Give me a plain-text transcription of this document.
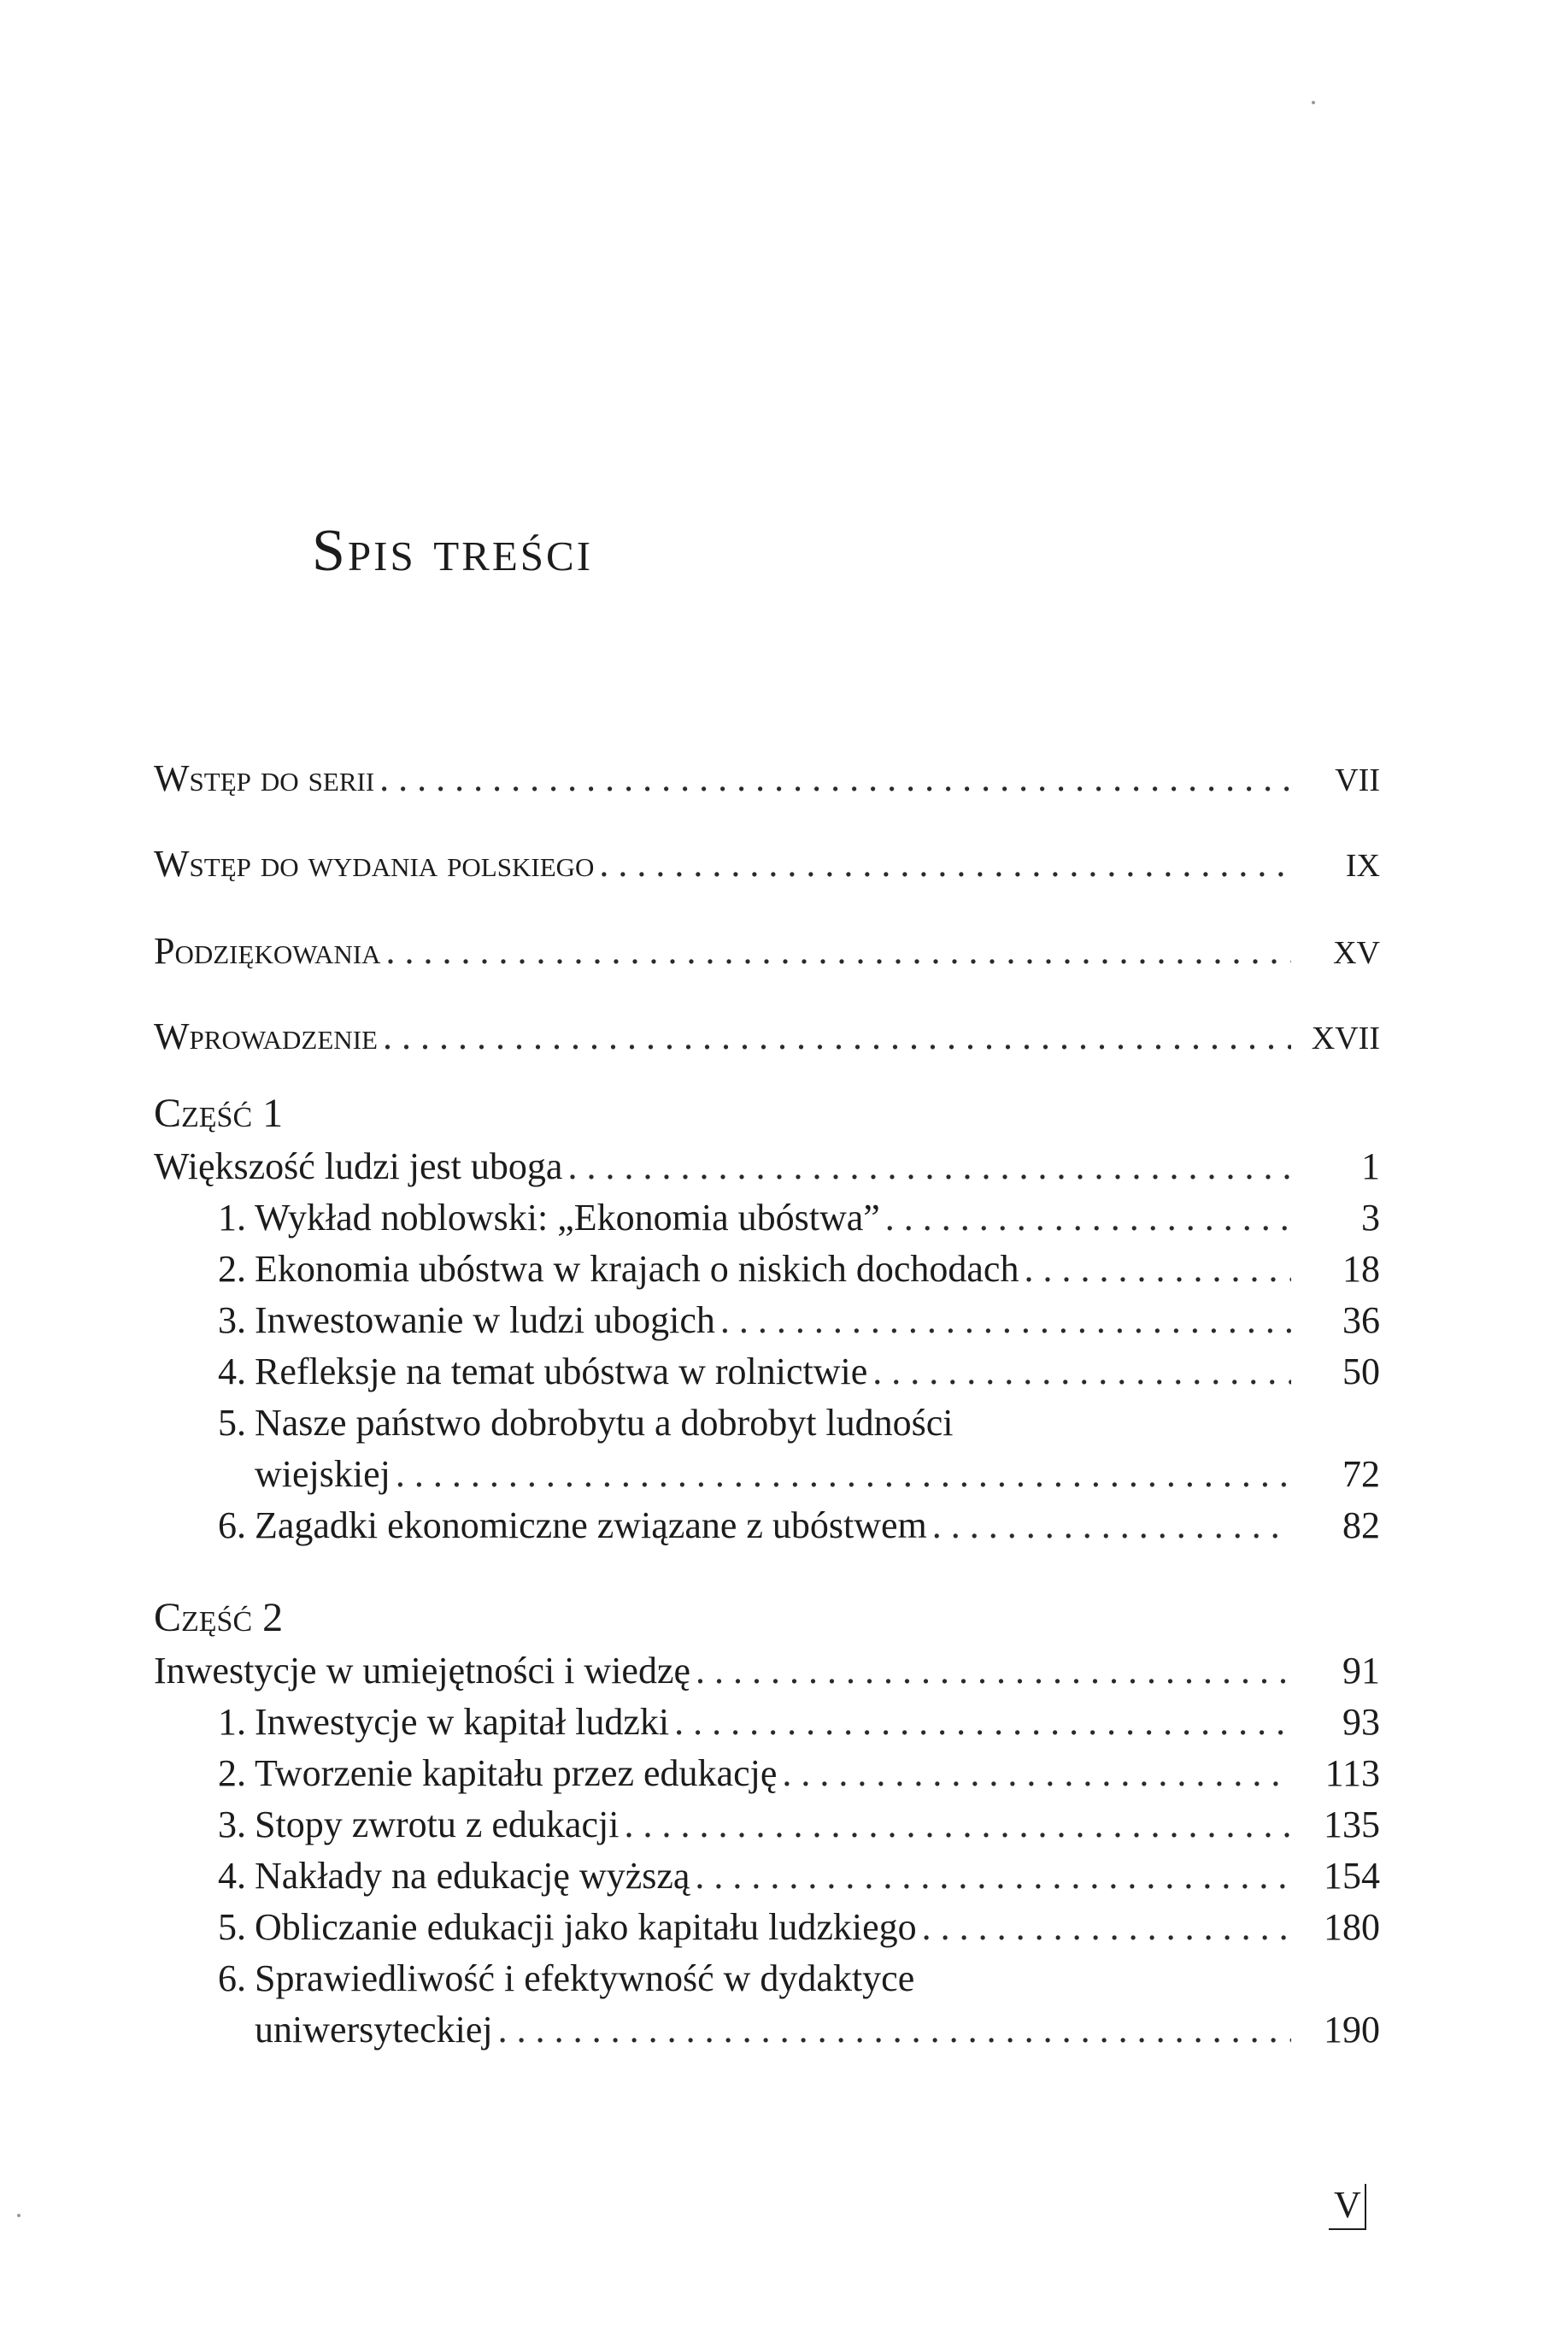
Spis treści
Wstęp do serii . . .	VII
Wstęp do wydania polskiego . . .	IX
Podziękowania . . .	XV
Wprowadzenie . . .	XVII
Część 1
Większość ludzi jest uboga . . .	1
1. Wykład noblowski: „Ekonomia ubóstwa” . . .	3
2. Ekonomia ubóstwa w krajach o niskich dochodach . . .	18
3. Inwestowanie w ludzi ubogich . . .	36
4. Refleksje na temat ubóstwa w rolnictwie . . .	50
5. Nasze państwo dobrobytu a dobrobyt ludności
wiejskiej . . .	72
6. Zagadki ekonomiczne związane z ubóstwem . . .	82
Część 2
Inwestycje w umiejętności i wiedzę . . .	91
1. Inwestycje w kapitał ludzki . . .	93
2. Tworzenie kapitału przez edukację . . .	113
3. Stopy zwrotu z edukacji . . .	135
4. Nakłady na edukację wyższą . . .	154
5. Obliczanie edukacji jako kapitału ludzkiego . . .	180
6. Sprawiedliwość i efektywność w dydaktyce
uniwersyteckiej . . .	190
V
